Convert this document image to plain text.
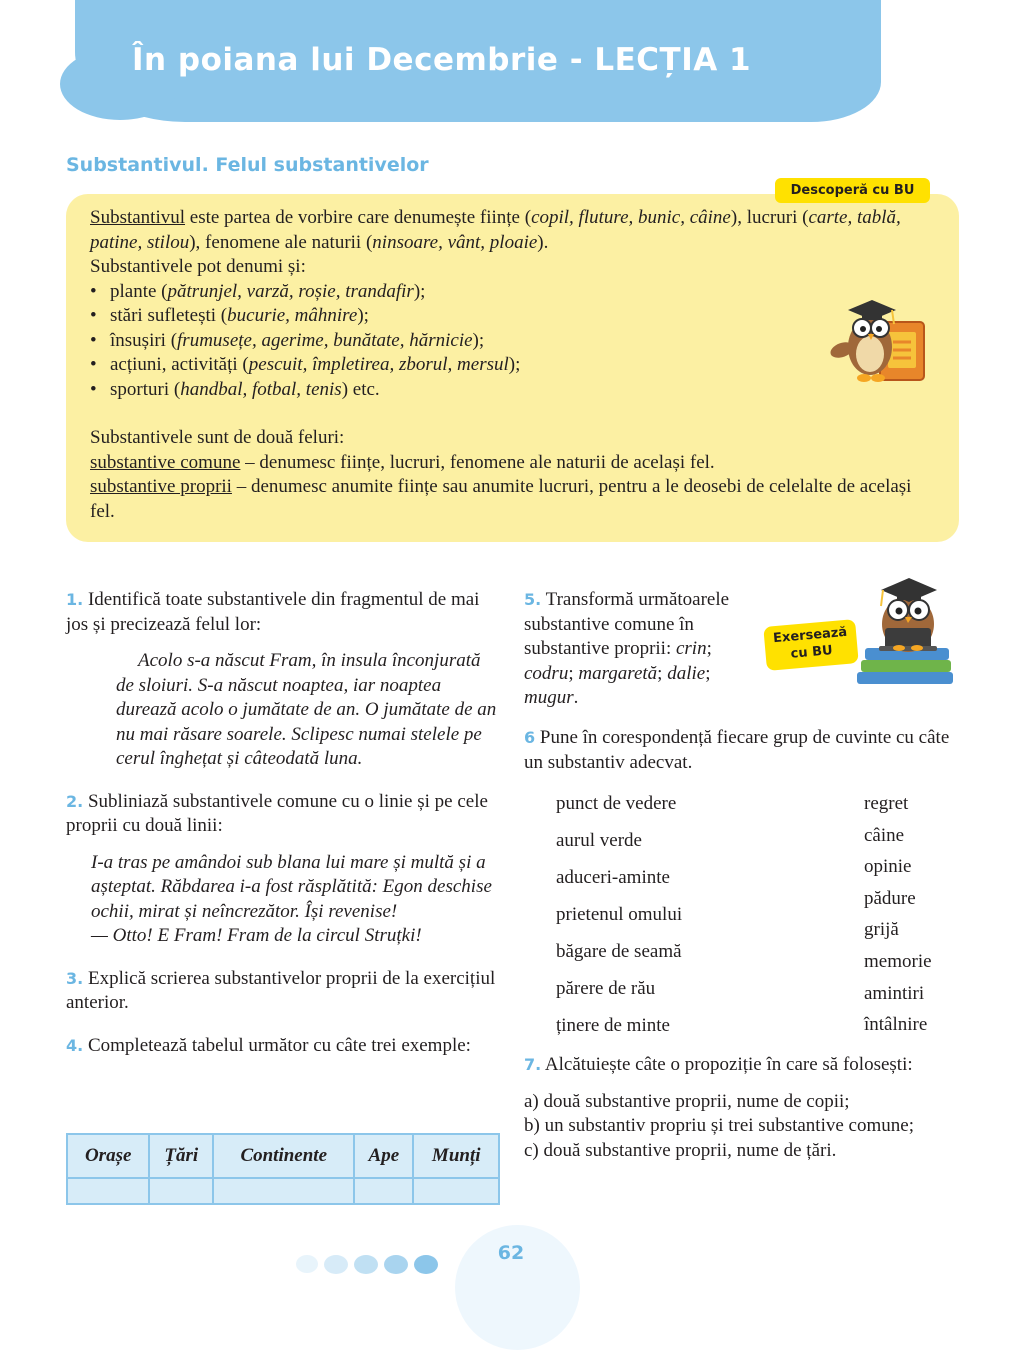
În poiana lui Decembrie - LECȚIA 1
Substantivul. Felul substantivelor
Descoperă cu BU

Substantivul este partea de vorbire care denumește ființe (copil, fluture, bunic, câine), lucruri (carte, tablă, patine, stilou), fenomene ale naturii (ninsoare, vânt, ploaie).

Substantivele pot denumi și:

• plante (pătrunjel, varză, roșie, trandafir);
• stări sufletești (bucurie, mâhnire);
• însușiri (frumusețe, agerime, bunătate, hărnicie);
• acțiuni, activități (pescuit, împletirea, zborul, mersul);
• sporturi (handbal, fotbal, tenis) etc.

Substantivele sunt de două feluri:

substantive comune – denumesc ființe, lucruri, fenomene ale naturii de același fel.

substantive proprii – denumesc anumite ființe sau anumite lucruri, pentru a le deosebi de celelalte de același fel.

Exersează cu BU

1. Identifică toate substantivele din fragmentul de mai jos și precizează felul lor:

Acolo s-a născut Fram, în insula înconjurată de sloiuri. S-a născut noaptea, iar noaptea durează acolo o jumătate de an. O jumătate de an nu mai răsare soarele. Sclipesc numai stelele pe cerul înghețat și câteodată luna.

2. Subliniază substantivele comune cu o linie și pe cele proprii cu două linii:

I-a tras pe amândoi sub blana lui mare și multă și a așteptat. Răbdarea i-a fost răsplătită: Egon deschise ochii, mirat și neîncrezător. Își revenise!

— Otto! E Fram! Fram de la circul Struțki!

3. Explică scrierea substantivelor proprii de la exercițiul anterior.

4. Completează tabelul următor cu câte trei exemple:

Orașe	Țări	Continente	Ape	Munți

5. Transformă următoarele substantive comune în substantive proprii: crin; codru; margaretă; dalie; mugur.

6 Pune în corespondență fiecare grup de cuvinte cu câte un substantiv adecvat.

punct de vedere
aurul verde
aduceri-aminte
prietenul omului
băgare de seamă
părere de rău
ținere de minte
regret
câine
opinie
pădure
grijă
memorie
amintiri
întâlnire

7. Alcătuiește câte o propoziție în care să folosești:

a) două substantive proprii, nume de copii;

b) un substantiv propriu și trei substantive comune;

c) două substantive proprii, nume de țări.

62
